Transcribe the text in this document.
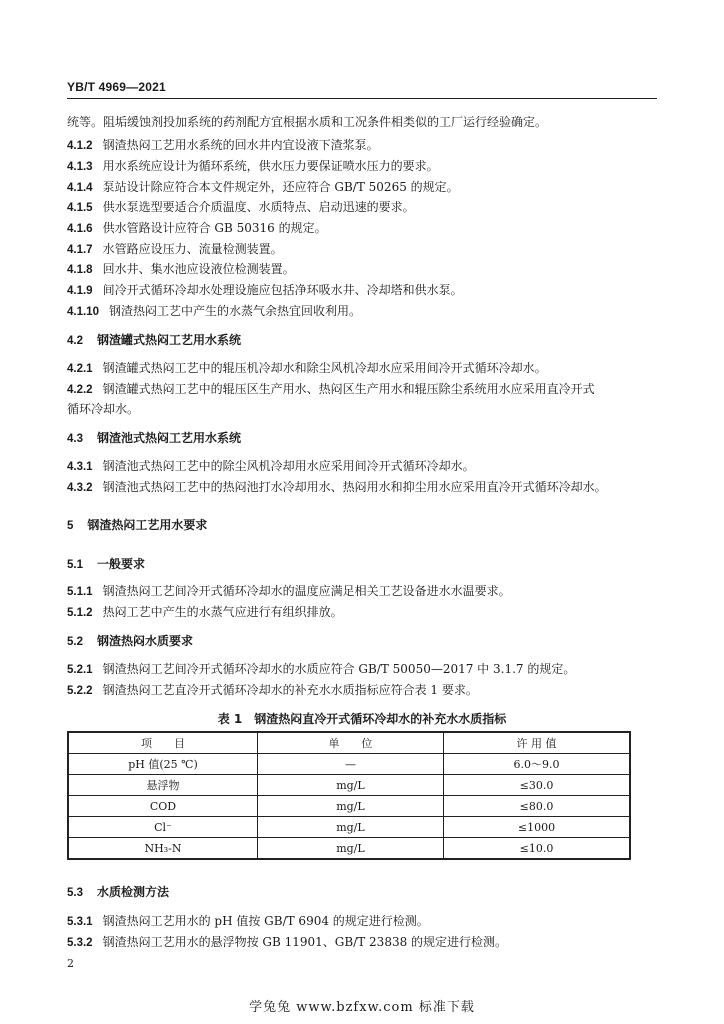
YB/T 4969—2021
统等。阻垢缓蚀剂投加系统的药剂配方宜根据水质和工况条件相类似的工厂运行经验确定。
4.1.2 钢渣热闷工艺用水系统的回水井内宜设液下渣浆泵。
4.1.3 用水系统应设计为循环系统，供水压力要保证喷水压力的要求。
4.1.4 泵站设计除应符合本文件规定外，还应符合 GB/T 50265 的规定。
4.1.5 供水泵选型要适合介质温度、水质特点、启动迅速的要求。
4.1.6 供水管路设计应符合 GB 50316 的规定。
4.1.7 水管路应设压力、流量检测装置。
4.1.8 回水井、集水池应设液位检测装置。
4.1.9 间冷开式循环冷却水处理设施应包括净环吸水井、冷却塔和供水泵。
4.1.10 钢渣热闷工艺中产生的水蒸气余热宜回收利用。
4.2 钢渣罐式热闷工艺用水系统
4.2.1 钢渣罐式热闷工艺中的辊压机冷却水和除尘风机冷却水应采用间冷开式循环冷却水。
4.2.2 钢渣罐式热闷工艺中的辊压区生产用水、热闷区生产用水和辊压除尘系统用水应采用直冷开式
循环冷却水。
4.3 钢渣池式热闷工艺用水系统
4.3.1 钢渣池式热闷工艺中的除尘风机冷却用水应采用间冷开式循环冷却水。
4.3.2 钢渣池式热闷工艺中的热闷池打水冷却用水、热闷用水和抑尘用水应采用直冷开式循环冷却水。
5 钢渣热闷工艺用水要求
5.1 一般要求
5.1.1 钢渣热闷工艺间冷开式循环冷却水的温度应满足相关工艺设备进水水温要求。
5.1.2 热闷工艺中产生的水蒸气应进行有组织排放。
5.2 钢渣热闷水质要求
5.2.1 钢渣热闷工艺间冷开式循环冷却水的水质应符合 GB/T 50050—2017 中 3.1.7 的规定。
5.2.2 钢渣热闷工艺直冷开式循环冷却水的补充水水质指标应符合表 1 要求。
表 1　钢渣热闷直冷开式循环冷却水的补充水水质指标
项　　目	单　　位	许 用 值
pH 值(25 ℃)	—	6.0～9.0
悬浮物	mg/L	≤30.0
COD	mg/L	≤80.0
Cl⁻	mg/L	≤1000
NH₃-N	mg/L	≤10.0
5.3 水质检测方法
5.3.1 钢渣热闷工艺用水的 pH 值按 GB/T 6904 的规定进行检测。
5.3.2 钢渣热闷工艺用水的悬浮物按 GB 11901、GB/T 23838 的规定进行检测。
2
学兔兔 www.bzfxw.com 标准下载
